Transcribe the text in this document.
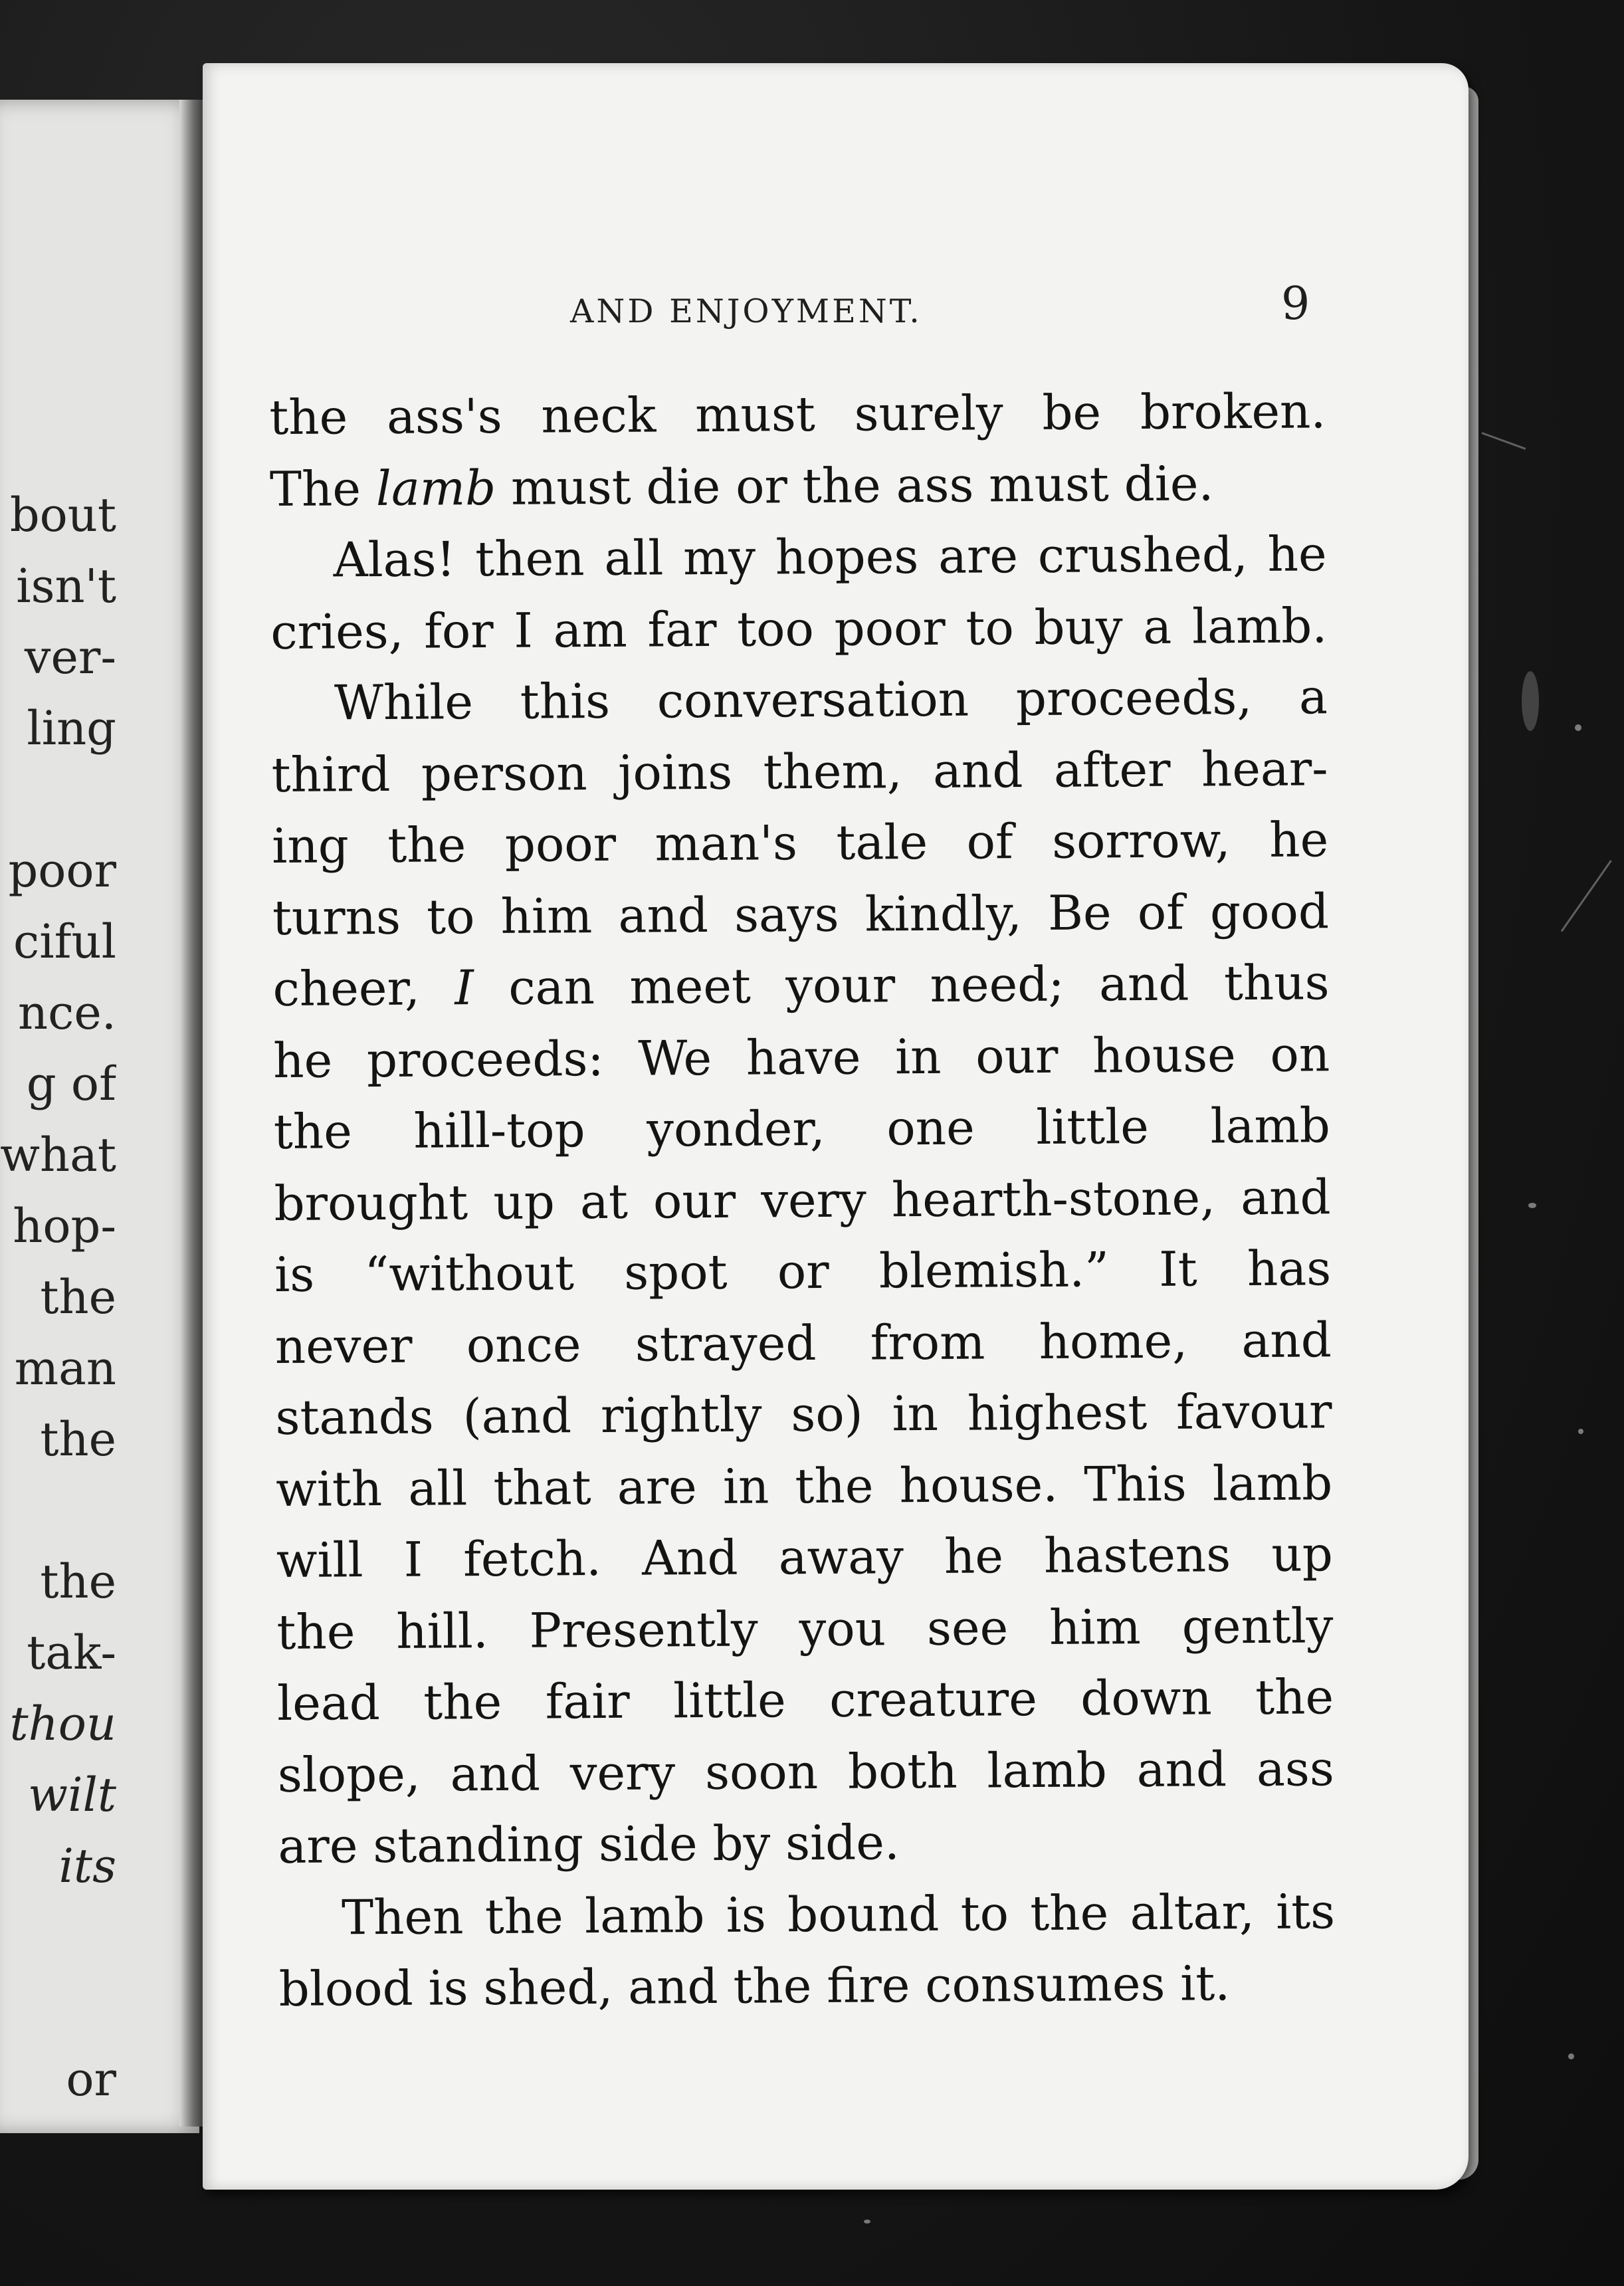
bout
isn't
ver-
ling
poor
ciful
nce.
g of
what
hop-
the
man
the
the
tak-
thou
wilt
its
or
AND ENJOYMENT.	9
the ass's neck must surely be broken.
The lamb must die or the ass must die.
Alas! then all my hopes are crushed, he
cries, for I am far too poor to buy a lamb.
While this conversation proceeds, a
third person joins them, and after hear-
ing the poor man's tale of sorrow, he
turns to him and says kindly, Be of good
cheer, I can meet your need; and thus
he proceeds: We have in our house on
the hill-top yonder, one little lamb
brought up at our very hearth-stone, and
is “without spot or blemish.” It has
never once strayed from home, and
stands (and rightly so) in highest favour
with all that are in the house. This lamb
will I fetch. And away he hastens up
the hill. Presently you see him gently
lead the fair little creature down the
slope, and very soon both lamb and ass
are standing side by side.
Then the lamb is bound to the altar, its
blood is shed, and the fire consumes it.
